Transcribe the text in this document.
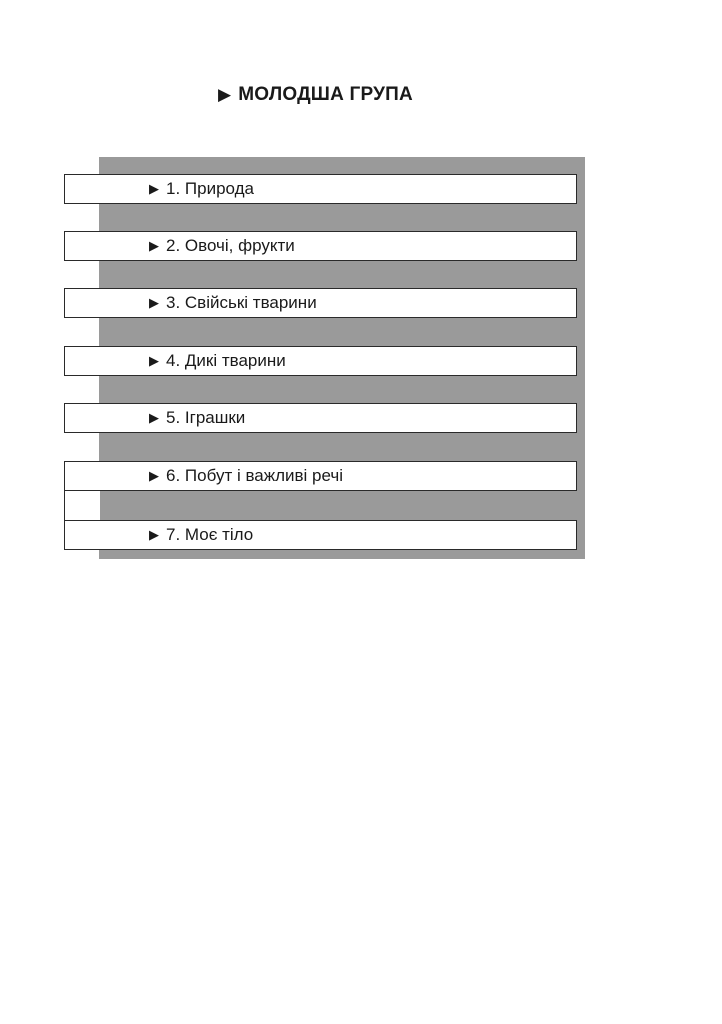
▶ МОЛОДША ГРУПА
▶ 1. Природа
▶ 2. Овочі, фрукти
▶ 3. Свійські тварини
▶ 4. Дикі тварини
▶ 5. Іграшки
▶ 6. Побут і важливі речі
▶ 7. Моє тіло
